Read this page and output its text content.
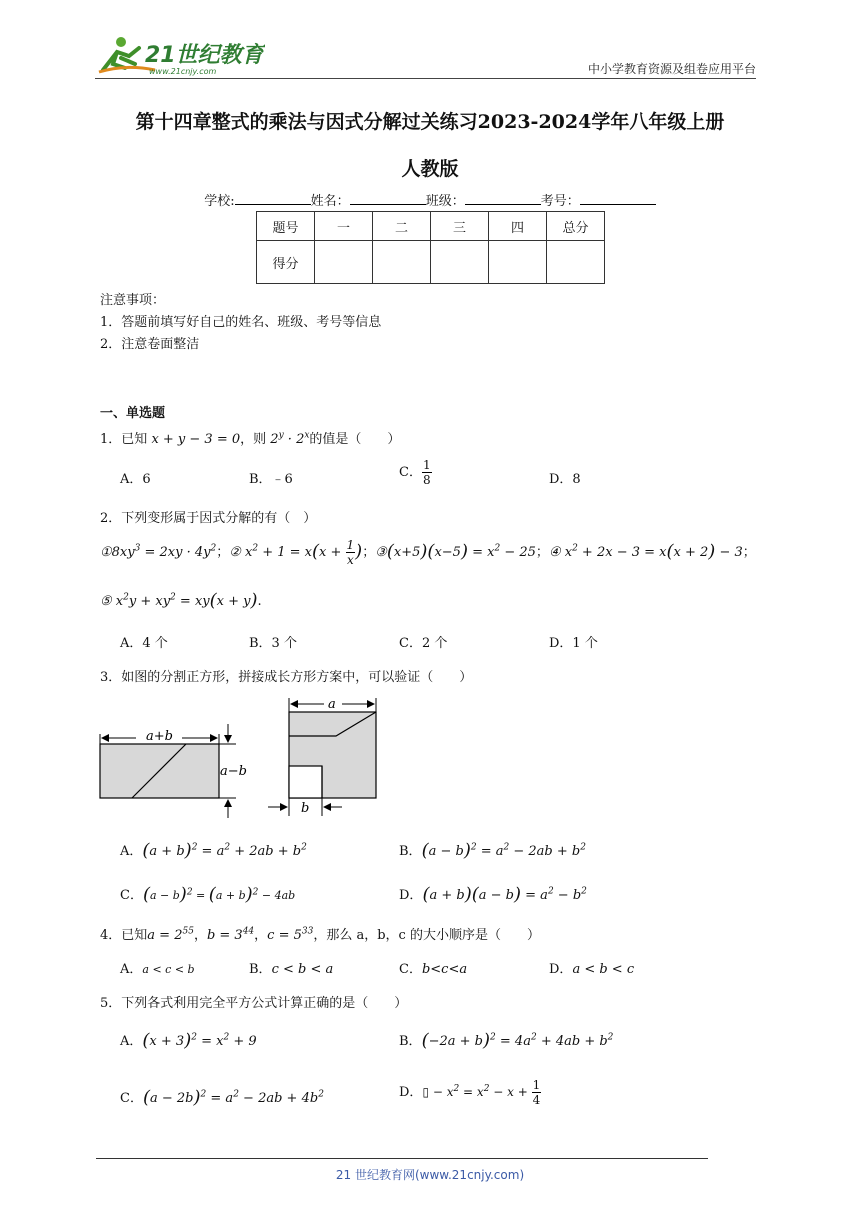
21世纪教育
www.21cnjy.com	中小学教育资源及组卷应用平台
第十四章整式的乘法与因式分解过关练习2023-2024学年八年级上册
人教版
学校:	姓名：	班级：	考号：
题号	一	二	三	四	总分
得分					
注意事项：
1．答题前填写好自己的姓名、班级、考号等信息
2．注意卷面整洁
一、单选题
1．已知 x + y − 3 = 0，则 $2^y \cdot 2^x$的值是（　　）
A．6	B．﹣6	C． $\frac{1}{8}$	D．8
2．下列变形属于因式分解的有（　）
$①8xy^3 = 2xy \cdot 4y^2$；② $x^2 + 1 = x(x + \frac{1}{x}$ )；③(x+5)(x−5) = $x^2 - 25$；④ $x^2 + 2x - 3 = x(x + 2) - 3$；
⑤ $x^2y + xy^2 = xy(x + y)$.
A．4 个	B．3 个	C．2 个	D．1 个
3．如图的分割正方形，拼接成长方形方案中，可以验证（　　）
a+b
a−b
a
b
A．$(a + b)^2 = a^2 + 2ab + b^2$	B．$(a - b)^2 = a^2 - 2ab + b^2$
C．$(a - b)^2 = (a + b)^2 - 4ab$	D．$(a + b)(a - b) = a^2 - b^2$
4．已知$a = 2^{55}$，$b = 3^{44}$，$c = 5^{33}$，那么 a，b，c 的大小顺序是（　　）
A．a < c < b	B．c < b < a	C．b<c<a	D．a < b < c
5．下列各式利用完全平方公式计算正确的是（　　）
A．$(x + 3)^2 = x^2 + 9$	B．$(-2a + b)^2 = 4a^2 + 4ab + b^2$
C．$(a - 2b)^2 = a^2 - 2ab + 4b^2$	D．▯ − $x^2 = x^2 - x + \frac{1}{4}$
21 世纪教育网(www.21cnjy.com)
